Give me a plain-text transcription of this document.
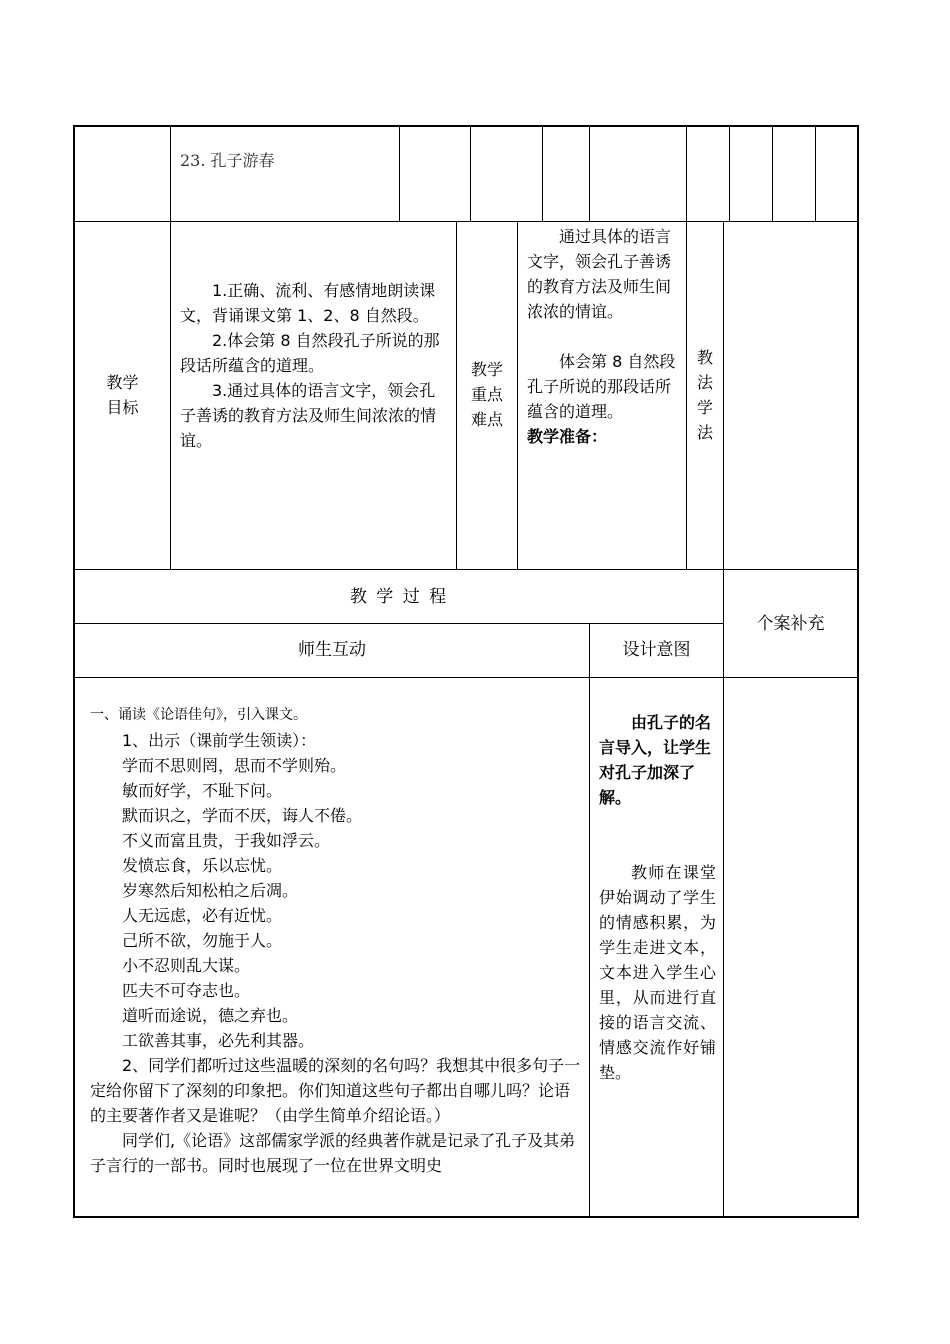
23. 孔子游春
教学
目标

1.正确、流利、有感情地朗读课文，背诵课文第 1、2、8 自然段。

2.体会第 8 自然段孔子所说的那段话所蕴含的道理。

3.通过具体的语言文字，领会孔子善诱的教育方法及师生间浓浓的情谊。

教学
重点
难点

通过具体的语言文字，领会孔子善诱的教育方法及师生间浓浓的情谊。

体会第 8 自然段孔子所说的那段话所蕴含的道理。

教学准备：

教
法
学
法
教 学 过 程
个案补充
师生互动	设计意图

一、诵读《论语佳句》，引入课文。

1、出示（课前学生领读）：

学而不思则罔，思而不学则殆。

敏而好学，不耻下问。

默而识之，学而不厌，诲人不倦。

不义而富且贵，于我如浮云。

发愤忘食，乐以忘忧。

岁寒然后知松柏之后凋。

人无远虑，必有近忧。

己所不欲，勿施于人。

小不忍则乱大谋。

匹夫不可夺志也。

道听而途说，德之弃也。

工欲善其事，必先利其器。

2、同学们都听过这些温暖的深刻的名句吗？我想其中很多句子一定给你留下了深刻的印象把。你们知道这些句子都出自哪儿吗？论语的主要著作者又是谁呢？（由学生简单介绍论语。）

同学们,《论语》这部儒家学派的经典著作就是记录了孔子及其弟子言行的一部书。同时也展现了一位在世界文明史

由孔子的名言导入，让学生对孔子加深了解。

教师在课堂伊始调动了学生的情感积累，为学生走进文本，文本进入学生心里，从而进行直接的语言交流、情感交流作好铺垫。
